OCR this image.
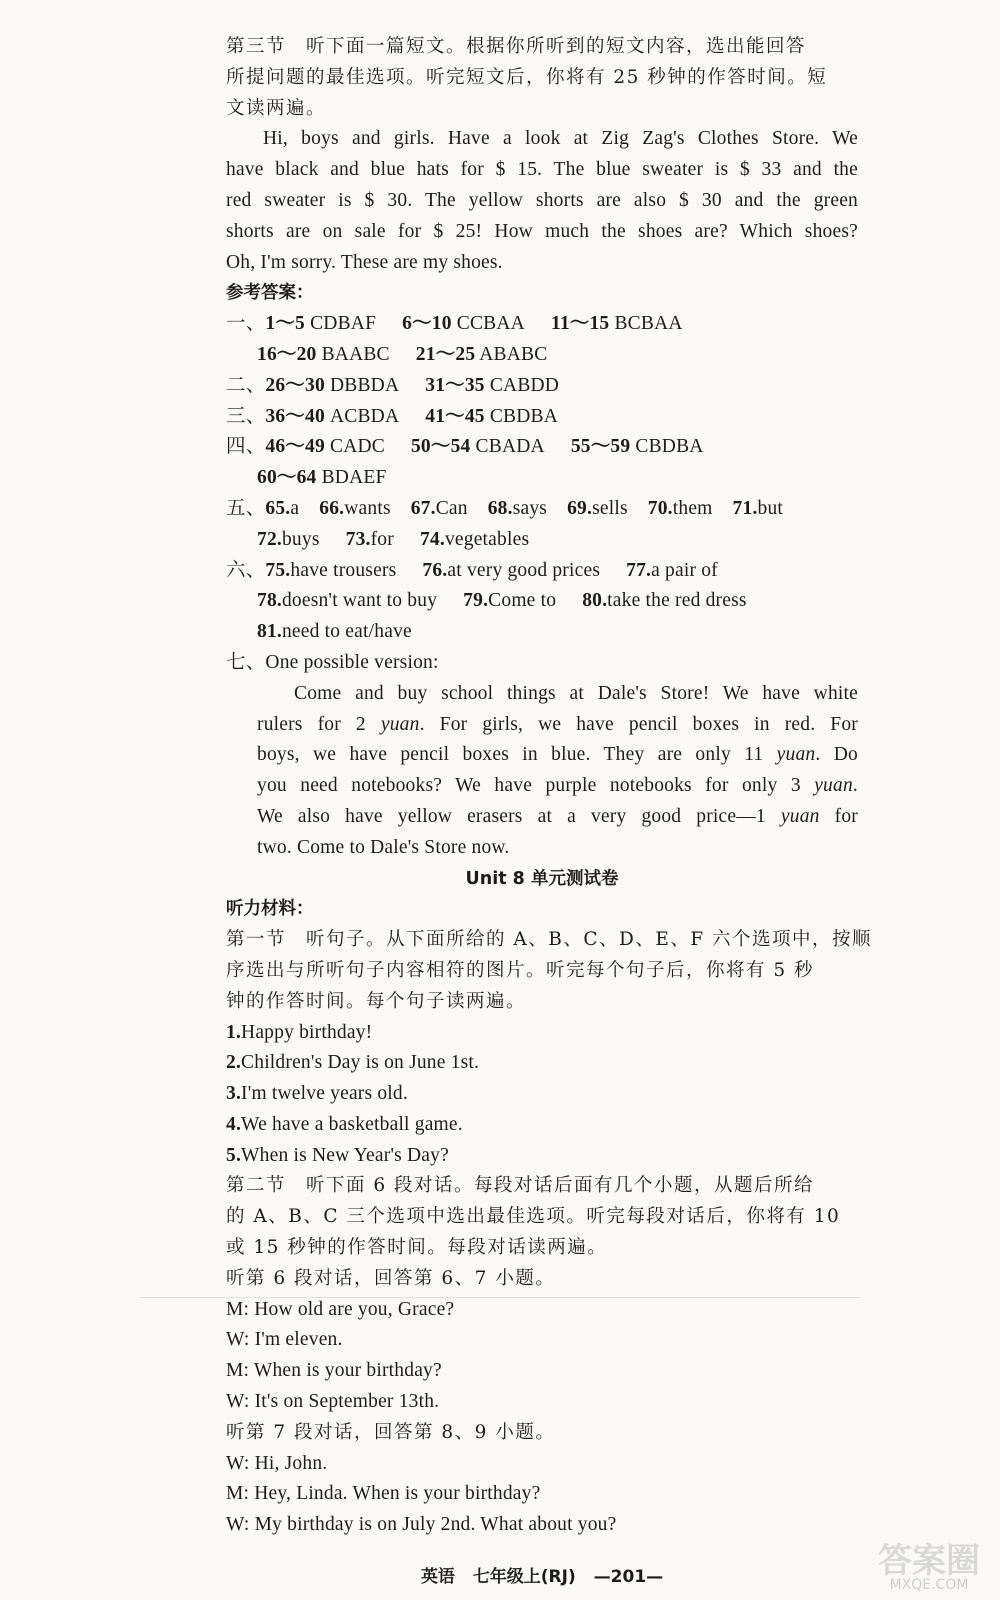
第三节　听下面一篇短文。根据你所听到的短文内容，选出能回答
所提问题的最佳选项。听完短文后，你将有 25 秒钟的作答时间。短
文读两遍。
Hi, boys and girls. Have a look at Zig Zag's Clothes Store. We
have black and blue hats for $ 15. The blue sweater is $ 33 and the
red sweater is $ 30. The yellow shorts are also $ 30 and the green
shorts are on sale for $ 25! How much the shoes are? Which shoes?
Oh, I'm sorry. These are my shoes.
参考答案：
一、1～5 CDBAF 6～10 CCBAA 11～15 BCBAA
16～20 BAABC 21～25 ABABC
二、26～30 DBBDA 31～35 CABDD
三、36～40 ACBDA 41～45 CBDBA
四、46～49 CADC 50～54 CBADA 55～59 CBDBA
60～64 BDAEF
五、65.a 66.wants 67.Can 68.says 69.sells 70.them 71.but
72.buys 73.for 74.vegetables
六、75.have trousers 76.at very good prices 77.a pair of
78.doesn't want to buy 79.Come to 80.take the red dress
81.need to eat/have
七、One possible version:
Come and buy school things at Dale's Store! We have white
rulers for 2 yuan. For girls, we have pencil boxes in red. For
boys, we have pencil boxes in blue. They are only 11 yuan. Do
you need notebooks? We have purple notebooks for only 3 yuan.
We also have yellow erasers at a very good price—1 yuan for
two. Come to Dale's Store now.
Unit 8 单元测试卷
听力材料：
第一节　听句子。从下面所给的 A、B、C、D、E、F 六个选项中，按顺
序选出与所听句子内容相符的图片。听完每个句子后，你将有 5 秒
钟的作答时间。每个句子读两遍。
1.Happy birthday!
2.Children's Day is on June 1st.
3.I'm twelve years old.
4.We have a basketball game.
5.When is New Year's Day?
第二节　听下面 6 段对话。每段对话后面有几个小题，从题后所给
的 A、B、C 三个选项中选出最佳选项。听完每段对话后，你将有 10
或 15 秒钟的作答时间。每段对话读两遍。
听第 6 段对话，回答第 6、7 小题。
M: How old are you, Grace?
W: I'm eleven.
M: When is your birthday?
W: It's on September 13th.
听第 7 段对话，回答第 8、9 小题。
W: Hi, John.
M: Hey, Linda. When is your birthday?
W: My birthday is on July 2nd. What about you?
英语 七年级上(RJ) —201—	答案圈
MXQE.COM
